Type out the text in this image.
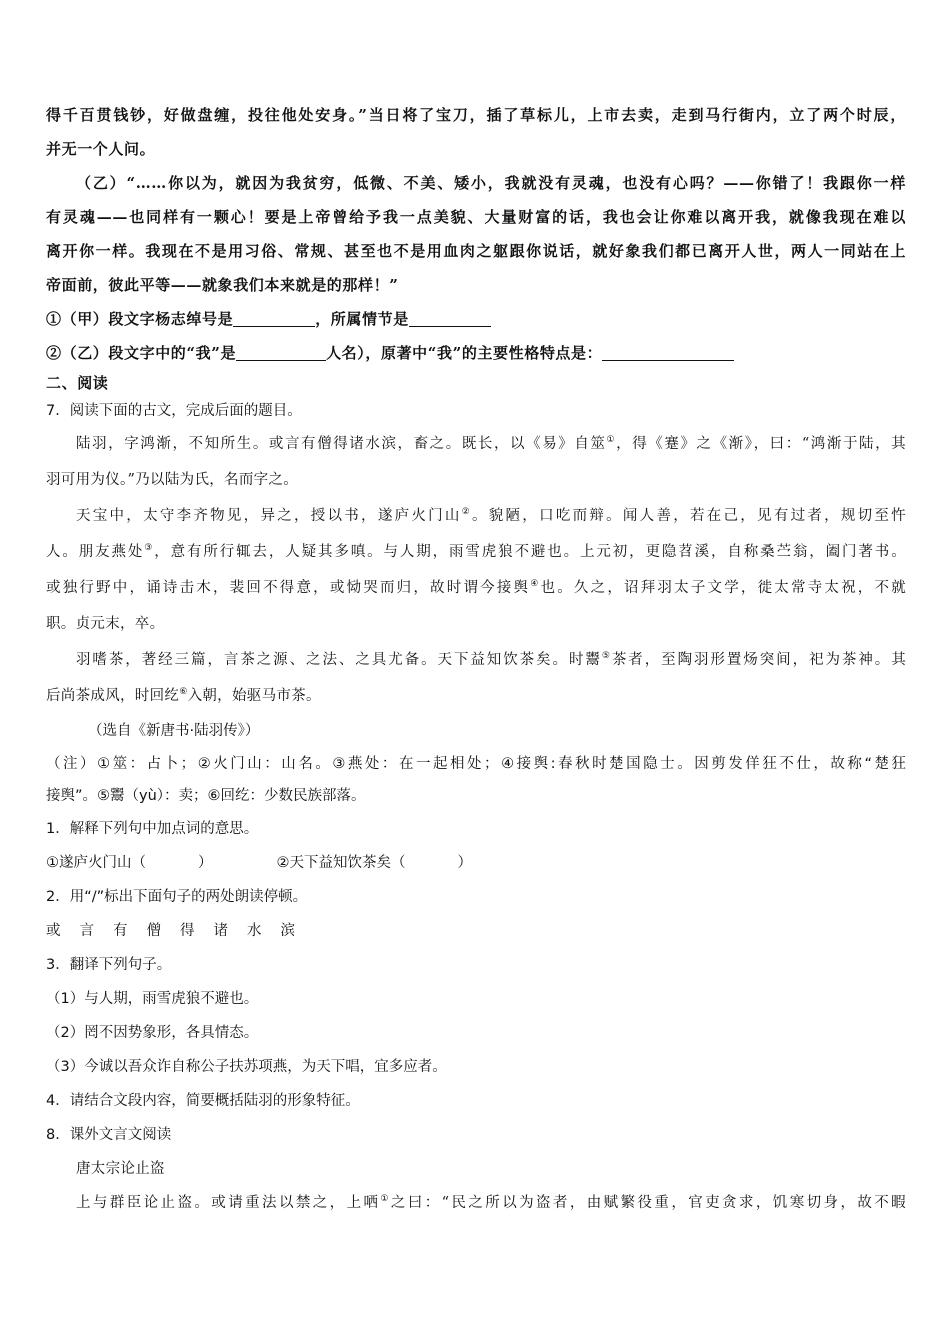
得千百贯钱钞，好做盘缠，投往他处安身。”当日将了宝刀，插了草标儿，上市去卖，走到马行街内，立了两个时辰，
并无一个人问。
（乙）“……你以为，就因为我贫穷，低微、不美、矮小，我就没有灵魂，也没有心吗？——你错了！我跟你一样
有灵魂——也同样有一颗心！要是上帝曾给予我一点美貌、大量财富的话，我也会让你难以离开我，就像我现在难以
离开你一样。我现在不是用习俗、常规、甚至也不是用血肉之躯跟你说话，就好象我们都已离开人世，两人一同站在上
帝面前，彼此平等——就象我们本来就是的那样！”
①（甲）段文字杨志绰号是	，所属情节是
②（乙）段文字中的“我”是	人名），原著中“我”的主要性格特点是：
二、阅读
7．阅读下面的古文，完成后面的题目。
陆羽，字鸿渐，不知所生。或言有僧得诸水滨，畜之。既长，以《易》自筮①，得《蹇》之《渐》，曰：“鸿渐于陆，其
羽可用为仪。”乃以陆为氏，名而字之。
天宝中，太守李齐物见，异之，授以书，遂庐火门山②。貌陋，口吃而辩。闻人善，若在己，见有过者，规切至忤
人。朋友燕处③，意有所行辄去，人疑其多嗔。与人期，雨雪虎狼不避也。上元初，更隐苕溪，自称桑苎翁，阖门著书。
或独行野中，诵诗击木，裴回不得意，或恸哭而归，故时谓今接舆④也。久之，诏拜羽太子文学，徙太常寺太祝，不就
职。贞元末，卒。
羽嗜茶，著经三篇，言茶之源、之法、之具尤备。天下益知饮茶矣。时鬻⑤茶者，至陶羽形置炀突间，祀为茶神。其
后尚茶成风，时回纥⑥入朝，始驱马市茶。
（选自《新唐书·陆羽传》）
（注）①筮：占卜；②火门山：山名。③燕处：在一起相处；④接舆:春秋时楚国隐士。因剪发佯狂不仕，故称“楚狂
接舆”。⑤鬻（yù）：卖；⑥回纥：少数民族部落。
1．解释下列句中加点词的意思。
①遂庐火门山（	）	②天下益知饮茶矣（	）
2．用“/”标出下面句子的两处朗读停顿。
或言有僧得诸水滨
3．翻译下列句子。
（1）与人期，雨雪虎狼不避也。
（2）罔不因势象形，各具情态。
（3）今诚以吾众诈自称公子扶苏项燕，为天下唱，宜多应者。
4．请结合文段内容，简要概括陆羽的形象特征。
8．课外文言文阅读
唐太宗论止盗
上与群臣论止盗。或请重法以禁之，上哂①之曰：“民之所以为盗者，由赋繁役重，官吏贪求，饥寒切身，故不暇
